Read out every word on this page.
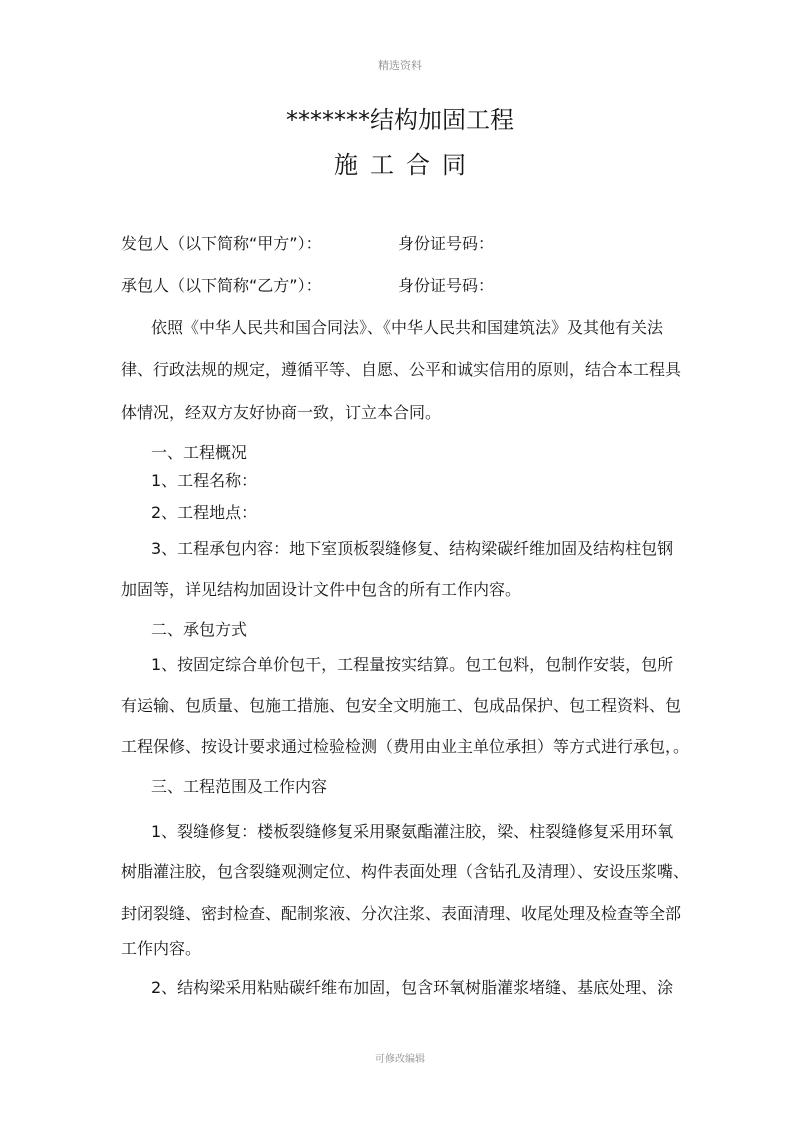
精选资料
*******结构加固工程
施工合同
发包人（以下简称“甲方”）：	身份证号码：
承包人（以下简称“乙方”）：	身份证号码：
依照《中华人民共和国合同法》、《中华人民共和国建筑法》及其他有关法
律、行政法规的规定，遵循平等、自愿、公平和诚实信用的原则，结合本工程具
体情况，经双方友好协商一致，订立本合同。
一、工程概况
1、工程名称：
2、工程地点：
3、工程承包内容：地下室顶板裂缝修复、结构梁碳纤维加固及结构柱包钢
加固等，详见结构加固设计文件中包含的所有工作内容。
二、承包方式
1、按固定综合单价包干，工程量按实结算。包工包料，包制作安装，包所
有运输、包质量、包施工措施、包安全文明施工、包成品保护、包工程资料、包
工程保修、按设计要求通过检验检测（费用由业主单位承担）等方式进行承包，。
三、工程范围及工作内容
1、裂缝修复：楼板裂缝修复采用聚氨酯灌注胶，梁、柱裂缝修复采用环氧
树脂灌注胶，包含裂缝观测定位、构件表面处理（含钻孔及清理）、安设压浆嘴、
封闭裂缝、密封检查、配制浆液、分次注浆、表面清理、收尾处理及检查等全部
工作内容。
2、结构梁采用粘贴碳纤维布加固，包含环氧树脂灌浆堵缝、基底处理、涂
可修改编辑
